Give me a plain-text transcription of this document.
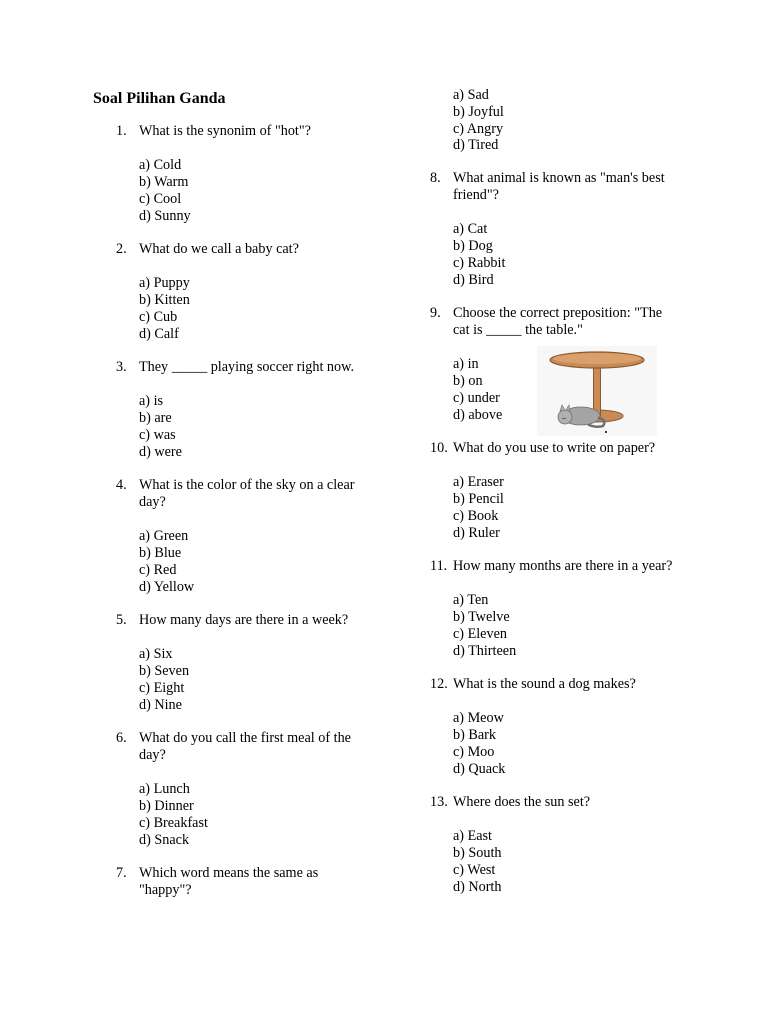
Soal Pilihan Ganda
1. What is the synonim of "hot"?

a) Cold
b) Warm
c) Cool
d) Sunny
2. What do we call a baby cat?

a) Puppy
b) Kitten
c) Cub
d) Calf
3. They _____ playing soccer right now.

a) is
b) are
c) was
d) were
4. What is the color of the sky on a clear day?

a) Green
b) Blue
c) Red
d) Yellow
5. How many days are there in a week?

a) Six
b) Seven
c) Eight
d) Nine
6. What do you call the first meal of the day?

a) Lunch
b) Dinner
c) Breakfast
d) Snack
7. Which word means the same as "happy"?

a) Sad
b) Joyful
c) Angry
d) Tired
8. What animal is known as "man's best friend"?

a) Cat
b) Dog
c) Rabbit
d) Bird
9. Choose the correct preposition: "The cat is _____ the table."

a) in
b) on
c) under
d) above
10. What do you use to write on paper?

a) Eraser
b) Pencil
c) Book
d) Ruler
11. How many months are there in a year?

a) Ten
b) Twelve
c) Eleven
d) Thirteen
12. What is the sound a dog makes?

a) Meow
b) Bark
c) Moo
d) Quack
13. Where does the sun set?

a) East
b) South
c) West
d) North
